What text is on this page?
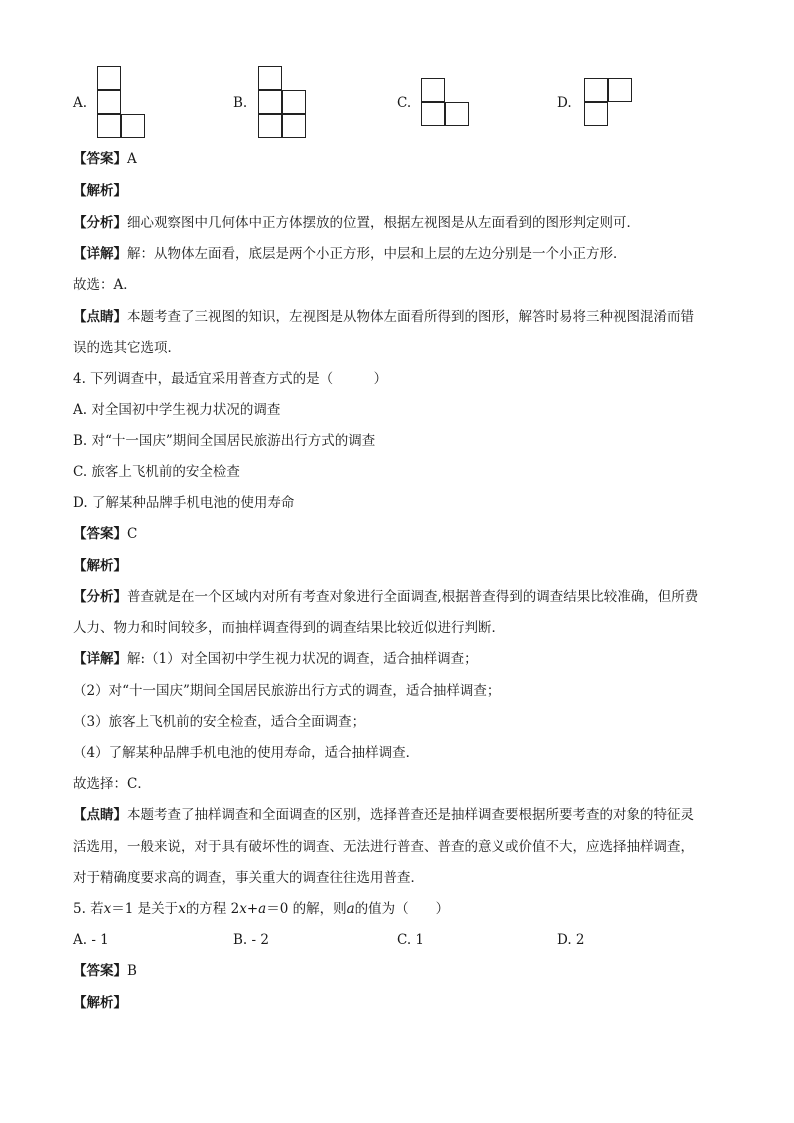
A.	B.	C.	D.
【答案】A
【解析】
【分析】细心观察图中几何体中正方体摆放的位置，根据左视图是从左面看到的图形判定则可．
【详解】解：从物体左面看，底层是两个小正方形，中层和上层的左边分别是一个小正方形．
故选：A．
【点睛】本题考查了三视图的知识，左视图是从物体左面看所得到的图形，解答时易将三种视图混淆而错
误的选其它选项．
4. 下列调查中，最适宜采用普查方式的是（　　　）
A. 对全国初中学生视力状况的调查
B. 对“十一国庆”期间全国居民旅游出行方式的调查
C. 旅客上飞机前的安全检查
D. 了解某种品牌手机电池的使用寿命
【答案】C
【解析】
【分析】普查就是在一个区域内对所有考查对象进行全面调查,根据普查得到的调查结果比较准确，但所费
人力、物力和时间较多，而抽样调查得到的调查结果比较近似进行判断．
【详解】解:（1）对全国初中学生视力状况的调查，适合抽样调查；
（2）对“十一国庆”期间全国居民旅游出行方式的调查，适合抽样调查；
（3）旅客上飞机前的安全检查，适合全面调查；
（4）了解某种品牌手机电池的使用寿命，适合抽样调查．
故选择：C．
【点睛】本题考查了抽样调查和全面调查的区别，选择普查还是抽样调查要根据所要考查的对象的特征灵
活选用，一般来说，对于具有破坏性的调查、无法进行普查、普查的意义或价值不大，应选择抽样调查，
对于精确度要求高的调查，事关重大的调查往往选用普查．
5. 若x＝1 是关于x的方程 2x+a＝0 的解，则a的值为（　　）
A. - 1	B. - 2	C. 1	D. 2
【答案】B
【解析】
